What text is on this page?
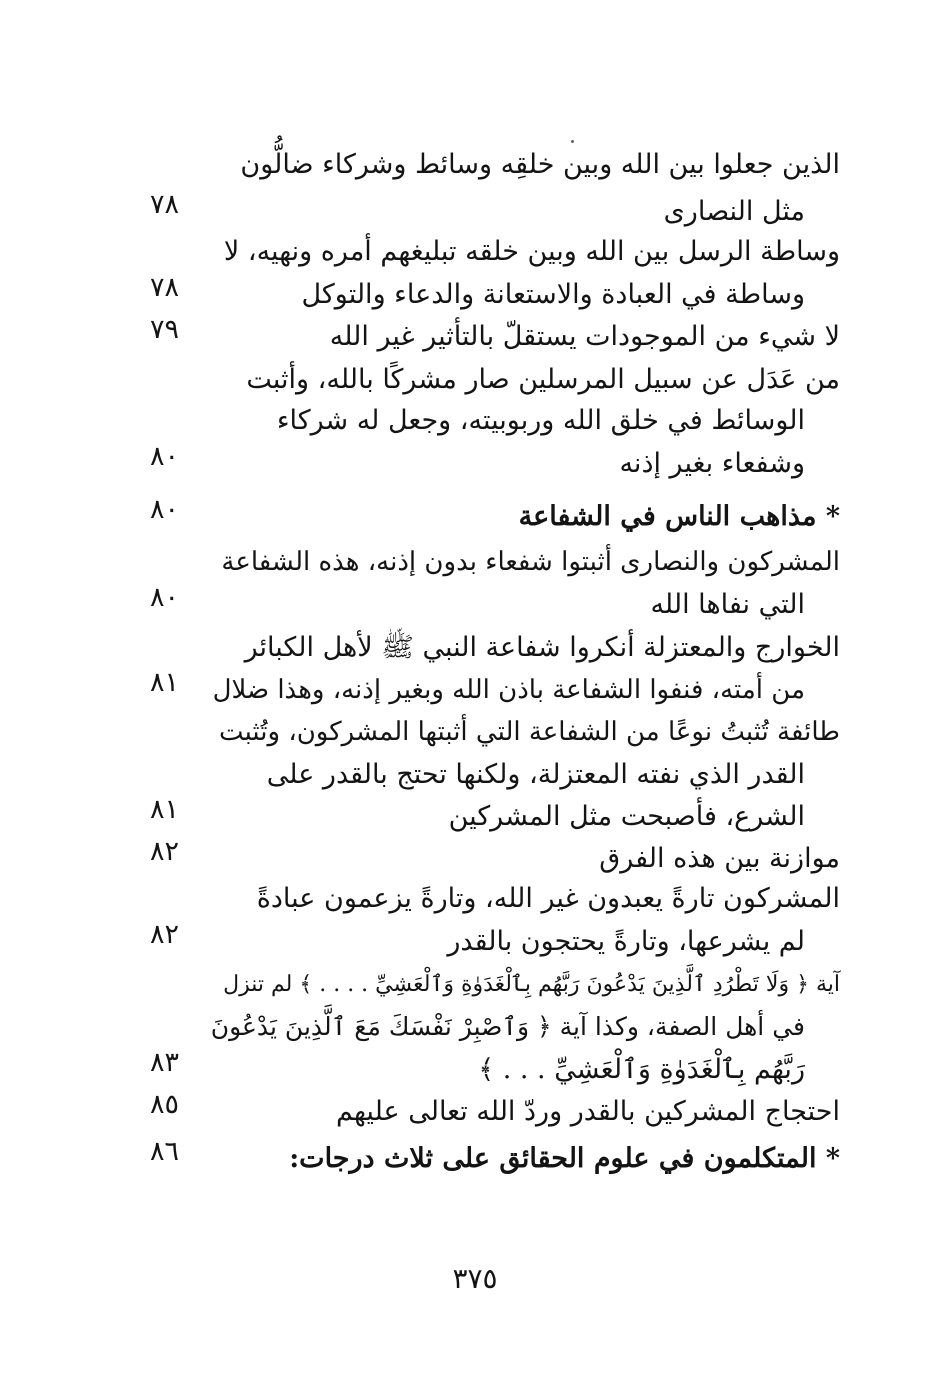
الذين جعلوا بين الله وبين خلقِه وسائط وشركاء ضالُّون
مثل النصارى
٧٨
وساطة الرسل بين الله وبين خلقه تبليغهم أمره ونهيه، لا
وساطة في العبادة والاستعانة والدعاء والتوكل
٧٨
لا شيء من الموجودات يستقلّ بالتأثير غير الله
٧٩
من عَدَل عن سبيل المرسلين صار مشركًا بالله، وأثبت
الوسائط في خلق الله وربوبيته، وجعل له شركاء
وشفعاء بغير إذنه
٨٠
* مذاهب الناس في الشفاعة
٨٠
المشركون والنصارى أثبتوا شفعاء بدون إذنه، هذه الشفاعة
التي نفاها الله
٨٠
الخوارج والمعتزلة أنكروا شفاعة النبي ﷺ لأهل الكبائر
من أمته، فنفوا الشفاعة باذن الله وبغير إذنه، وهذا ضلال
٨١
طائفة تُثبتُ نوعًا من الشفاعة التي أثبتها المشركون، وتُثبت
القدر الذي نفته المعتزلة، ولكنها تحتج بالقدر على
الشرع، فأصبحت مثل المشركين
٨١
موازنة بين هذه الفرق
٨٢
المشركون تارةً يعبدون غير الله، وتارةً يزعمون عبادةً
لم يشرعها، وتارةً يحتجون بالقدر
٨٢
آية ﴿ وَلَا تَطْرُدِ ٱلَّذِينَ يَدْعُونَ رَبَّهُم بِٱلْغَدَوٰةِ وَٱلْعَشِيِّ . . . . ﴾ لم تنزل
في أهل الصفة، وكذا آية ﴿ وَٱصْبِرْ نَفْسَكَ مَعَ ٱلَّذِينَ يَدْعُونَ
رَبَّهُم بِٱلْغَدَوٰةِ وَٱلْعَشِيِّ . . . ﴾
٨٣
احتجاج المشركين بالقدر وردّ الله تعالى عليهم
٨٥
* المتكلمون في علوم الحقائق على ثلاث درجات:
٨٦
٣٧٥
